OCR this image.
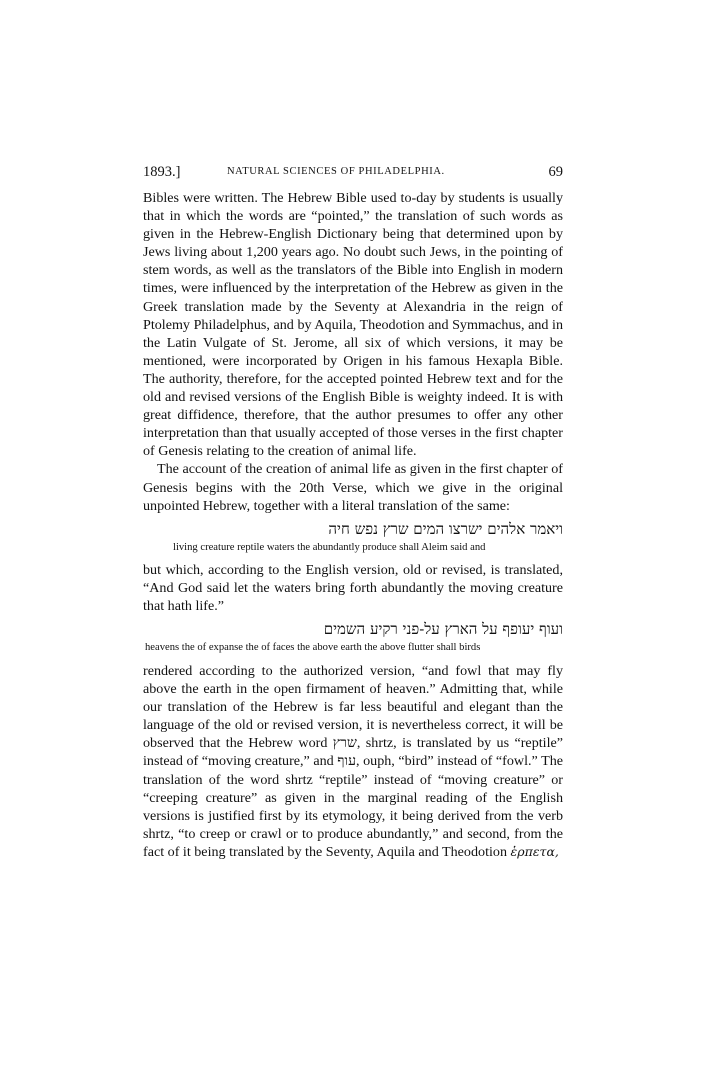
1893.]	NATURAL SCIENCES OF PHILADELPHIA.	69

Bibles were written. The Hebrew Bible used to-day by students is usually that in which the words are “pointed,” the translation of such words as given in the Hebrew-English Dictionary being that determined upon by Jews living about 1,200 years ago. No doubt such Jews, in the pointing of stem words, as well as the translators of the Bible into English in modern times, were influenced by the interpretation of the Hebrew as given in the Greek translation made by the Seventy at Alexandria in the reign of Ptolemy Philadelphus, and by Aquila, Theodotion and Symmachus, and in the Latin Vulgate of St. Jerome, all six of which versions, it may be mentioned, were incorporated by Origen in his famous Hexapla Bible. The authority, therefore, for the accepted pointed Hebrew text and for the old and revised versions of the English Bible is weighty indeed. It is with great diffidence, therefore, that the author presumes to offer any other interpretation than that usually accepted of those verses in the first chapter of Genesis relating to the creation of animal life.

The account of the creation of animal life as given in the first chapter of Genesis begins with the 20th Verse, which we give in the original unpointed Hebrew, together with a literal translation of the same:

ויאמר אלהים ישרצו המים שרץ נפש חיה
living creature reptile waters the abundantly produce shall Aleim said and

but which, according to the English version, old or revised, is translated, “And God said let the waters bring forth abundantly the moving creature that hath life.”

ועוף יעופף על הארץ על-פני רקיע השמים
heavens the of expanse the of faces the above earth the above flutter shall birds

rendered according to the authorized version, “and fowl that may fly above the earth in the open firmament of heaven.” Admitting that, while our translation of the Hebrew is far less beautiful and elegant than the language of the old or revised version, it is nevertheless correct, it will be observed that the Hebrew word שרץ, shrtz, is translated by us “reptile” instead of “moving creature,” and עוף, ouph, “bird” instead of “fowl.” The translation of the word shrtz “reptile” instead of “moving creature” or “creeping creature” as given in the marginal reading of the English versions is justified first by its etymology, it being derived from the verb shrtz, “to creep or crawl or to produce abundantly,” and second, from the fact of it being translated by the Seventy, Aquila and Theodotion ἑρπετα,
